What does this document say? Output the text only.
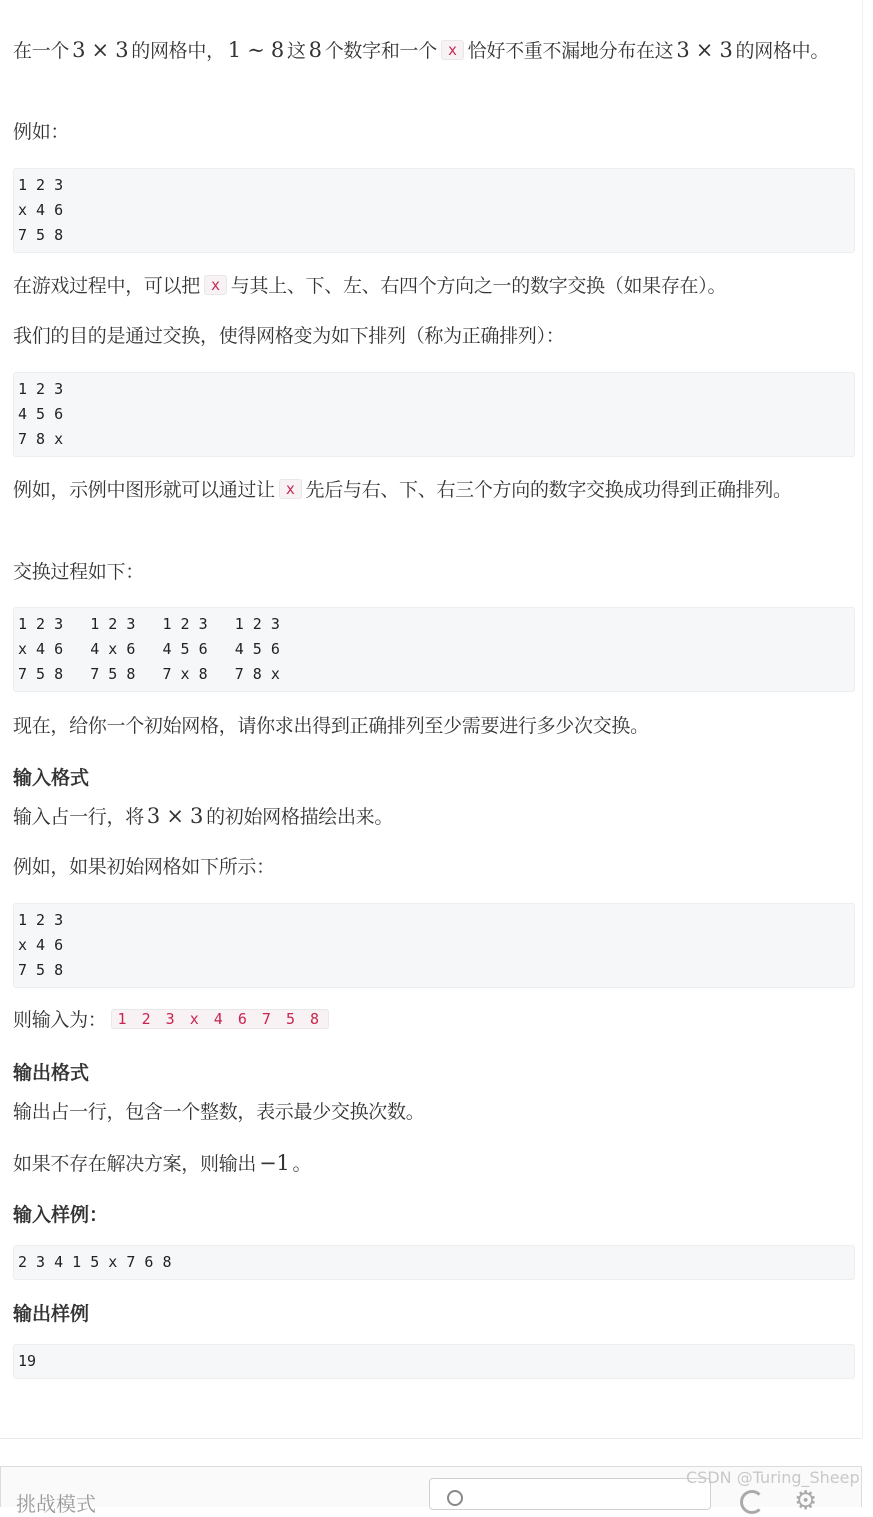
在一个 3 × 3 的网格中， 1 ∼ 8 这 8 个数字和一个 x 恰好不重不漏地分布在这 3 × 3 的网格中。
例如：
1 2 3
x 4 6
7 5 8
在游戏过程中，可以把 x 与其上、下、左、右四个方向之一的数字交换（如果存在）。
我们的目的是通过交换，使得网格变为如下排列（称为正确排列）：
1 2 3
4 5 6
7 8 x
例如，示例中图形就可以通过让 x 先后与右、下、右三个方向的数字交换成功得到正确排列。
交换过程如下：
1 2 3   1 2 3   1 2 3   1 2 3
x 4 6   4 x 6   4 5 6   4 5 6
7 5 8   7 5 8   7 x 8   7 8 x
现在，给你一个初始网格，请你求出得到正确排列至少需要进行多少次交换。
输入格式
输入占一行，将 3 × 3 的初始网格描绘出来。
例如，如果初始网格如下所示：
1 2 3
x 4 6
7 5 8
则输入为： 1 2 3 x 4 6 7 5 8
输出格式
输出占一行，包含一个整数，表示最少交换次数。
如果不存在解决方案，则输出 −1 。
输入样例：
2 3 4 1 5 x 7 6 8
输出样例
19
挑战模式	⚙
CSDN @Turing_Sheep
